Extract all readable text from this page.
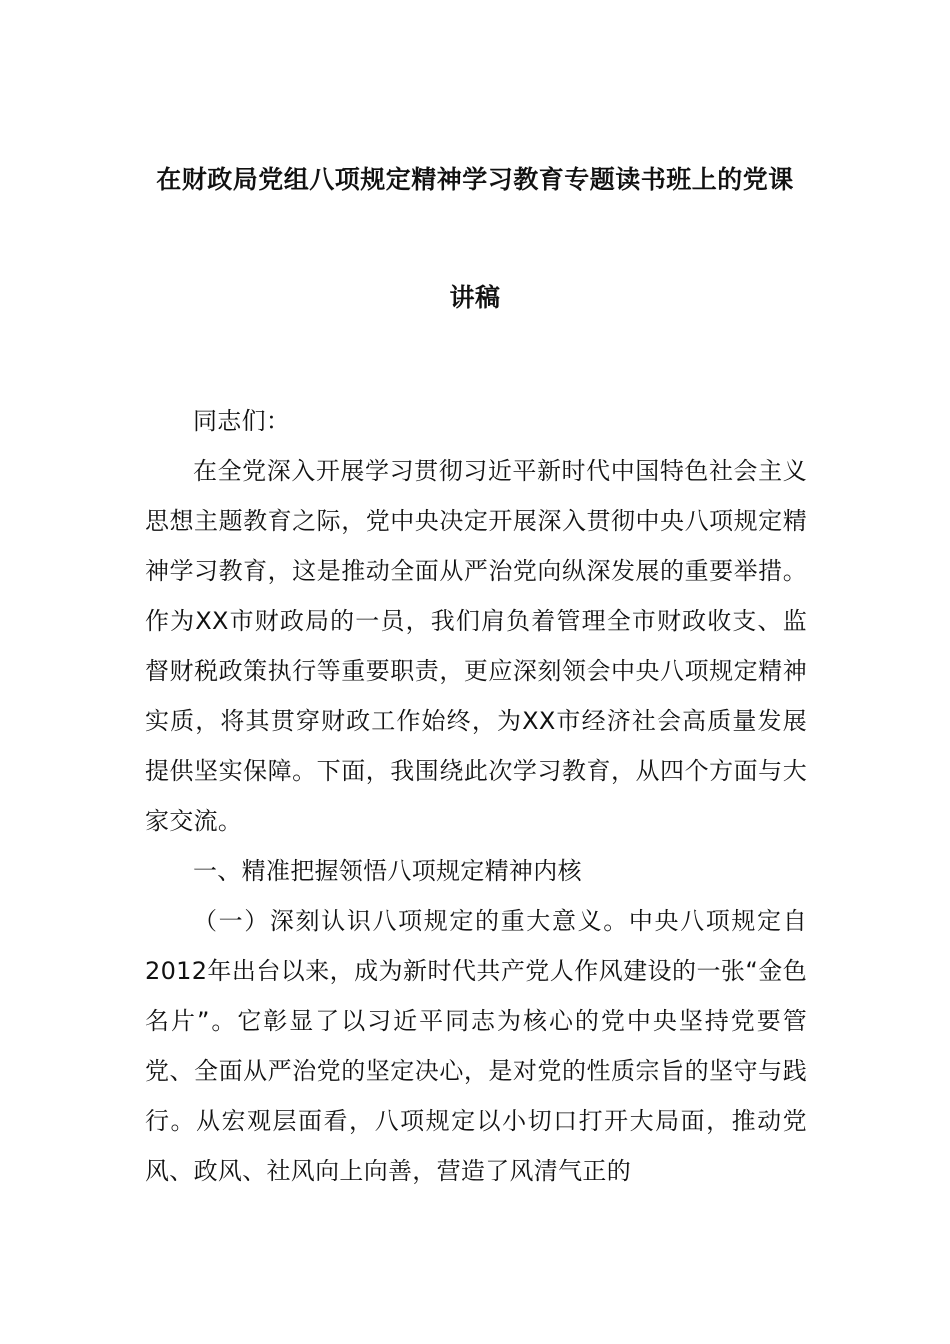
在财政局党组八项规定精神学习教育专题读书班上的党课
讲稿

同志们：

在全党深入开展学习贯彻习近平新时代中国特色社会主义思想主题教育之际，党中央决定开展深入贯彻中央八项规定精神学习教育，这是推动全面从严治党向纵深发展的重要举措。作为XX市财政局的一员，我们肩负着管理全市财政收支、监督财税政策执行等重要职责，更应深刻领会中央八项规定精神实质，将其贯穿财政工作始终，为XX市经济社会高质量发展提供坚实保障。下面，我围绕此次学习教育，从四个方面与大家交流。

一、精准把握领悟八项规定精神内核

（一）深刻认识八项规定的重大意义。中央八项规定自2012年出台以来，成为新时代共产党人作风建设的一张“金色名片”。它彰显了以习近平同志为核心的党中央坚持党要管党、全面从严治党的坚定决心，是对党的性质宗旨的坚守与践行。从宏观层面看，八项规定以小切口打开大局面，推动党风、政风、社风向上向善，营造了风清气正的
